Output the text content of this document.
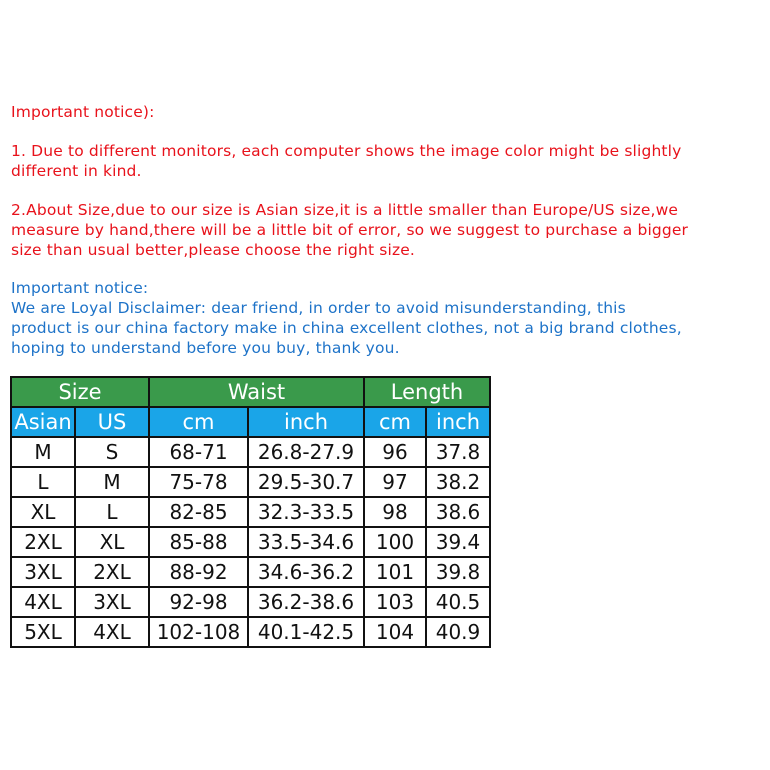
Important notice):

1. Due to different monitors, each computer shows the image color might be slightly
different in kind.

2.About Size,due to our size is Asian size,it is a little smaller than Europe/US size,we
measure by hand,there will be a little bit of error, so we suggest to purchase a bigger
size than usual better,please choose the right size.

Important notice:

We are Loyal Disclaimer: dear friend, in order to avoid misunderstanding, this
product is our china factory make in china excellent clothes, not a big brand clothes,
hoping to understand before you buy, thank you.

Size		Waist		Length	
Asian	US	cm	inch	cm	inch
M	S	68-71	26.8-27.9	96	37.8
L	M	75-78	29.5-30.7	97	38.2
XL	L	82-85	32.3-33.5	98	38.6
2XL	XL	85-88	33.5-34.6	100	39.4
3XL	2XL	88-92	34.6-36.2	101	39.8
4XL	3XL	92-98	36.2-38.6	103	40.5
5XL	4XL	102-108	40.1-42.5	104	40.9
